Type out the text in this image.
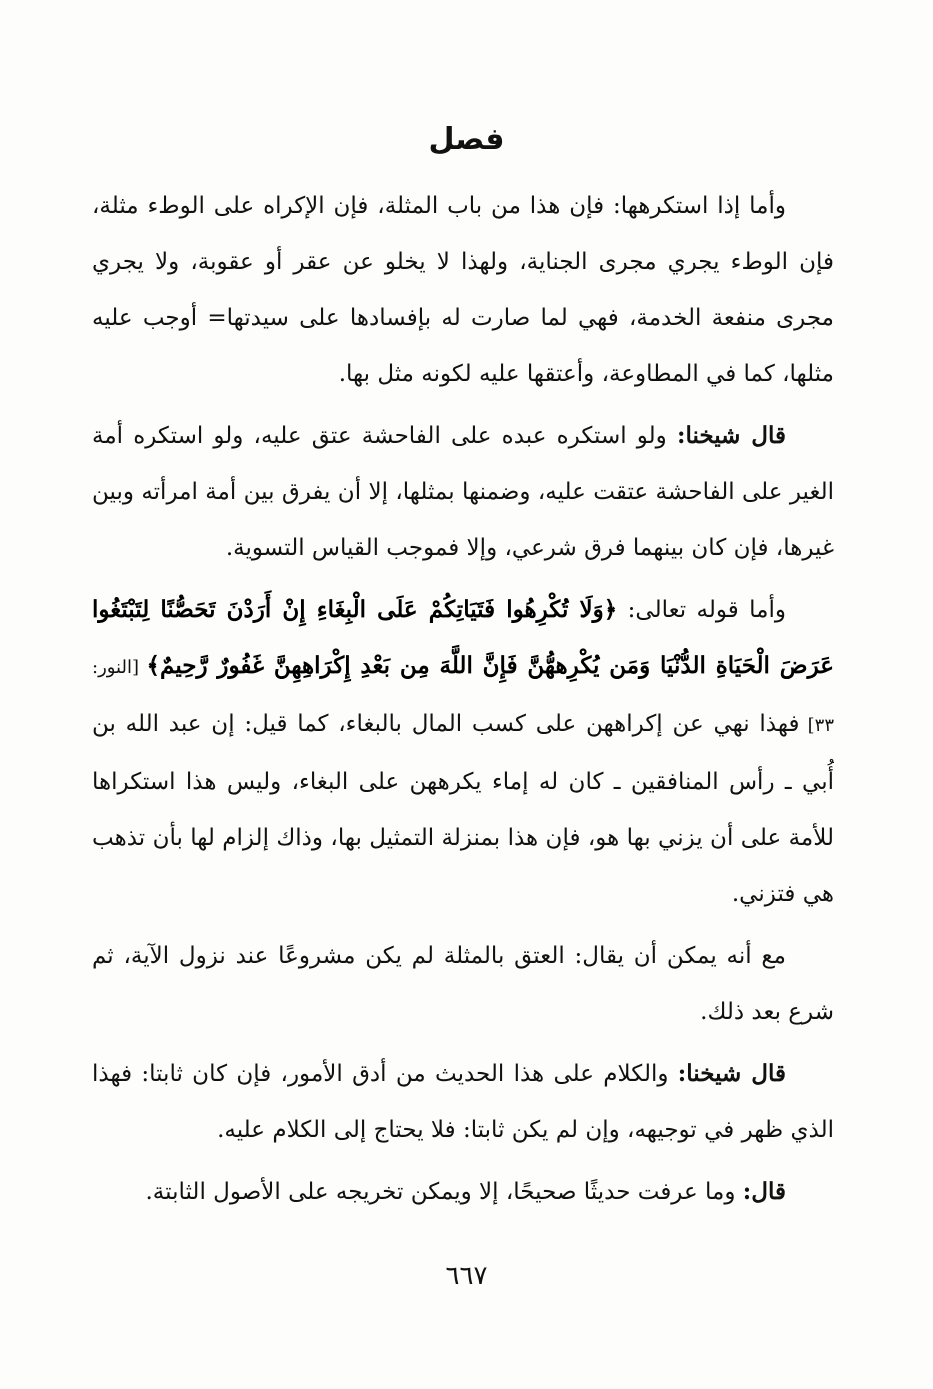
فصل

وأما إذا استكرهها: فإن هذا من باب المثلة، فإن الإكراه على الوطء مثلة، فإن الوطء يجري مجرى الجناية، ولهذا لا يخلو عن عقر أو عقوبة، ولا يجري مجرى منفعة الخدمة، فهي لما صارت له بإفسادها على سيدتها= أوجب عليه مثلها، كما في المطاوعة، وأعتقها عليه لكونه مثل بها.

قال شيخنا: ولو استكره عبده على الفاحشة عتق عليه، ولو استكره أمة الغير على الفاحشة عتقت عليه، وضمنها بمثلها، إلا أن يفرق بين أمة امرأته وبين غيرها، فإن كان بينهما فرق شرعي، وإلا فموجب القياس التسوية.

وأما قوله تعالى: ﴿وَلَا تُكْرِهُوا فَتَيَاتِكُمْ عَلَى الْبِغَاءِ إِنْ أَرَدْنَ تَحَصُّنًا لِتَبْتَغُوا عَرَضَ الْحَيَاةِ الدُّنْيَا وَمَن يُكْرِههُّنَّ فَإِنَّ اللَّهَ مِن بَعْدِ إِكْرَاهِهِنَّ غَفُورٌ رَّحِيمٌ﴾ [النور: ٣٣] فهذا نهي عن إكراههن على كسب المال بالبغاء، كما قيل: إن عبد الله بن أُبي ـ رأس المنافقين ـ كان له إماء يكرههن على البغاء، وليس هذا استكراها للأمة على أن يزني بها هو، فإن هذا بمنزلة التمثيل بها، وذاك إلزام لها بأن تذهب هي فتزني.

مع أنه يمكن أن يقال: العتق بالمثلة لم يكن مشروعًا عند نزول الآية، ثم شرع بعد ذلك.

قال شيخنا: والكلام على هذا الحديث من أدق الأمور، فإن كان ثابتا: فهذا الذي ظهر في توجيهه، وإن لم يكن ثابتا: فلا يحتاج إلى الكلام عليه.

قال: وما عرفت حديثًا صحيحًا، إلا ويمكن تخريجه على الأصول الثابتة.

٦٦٧
